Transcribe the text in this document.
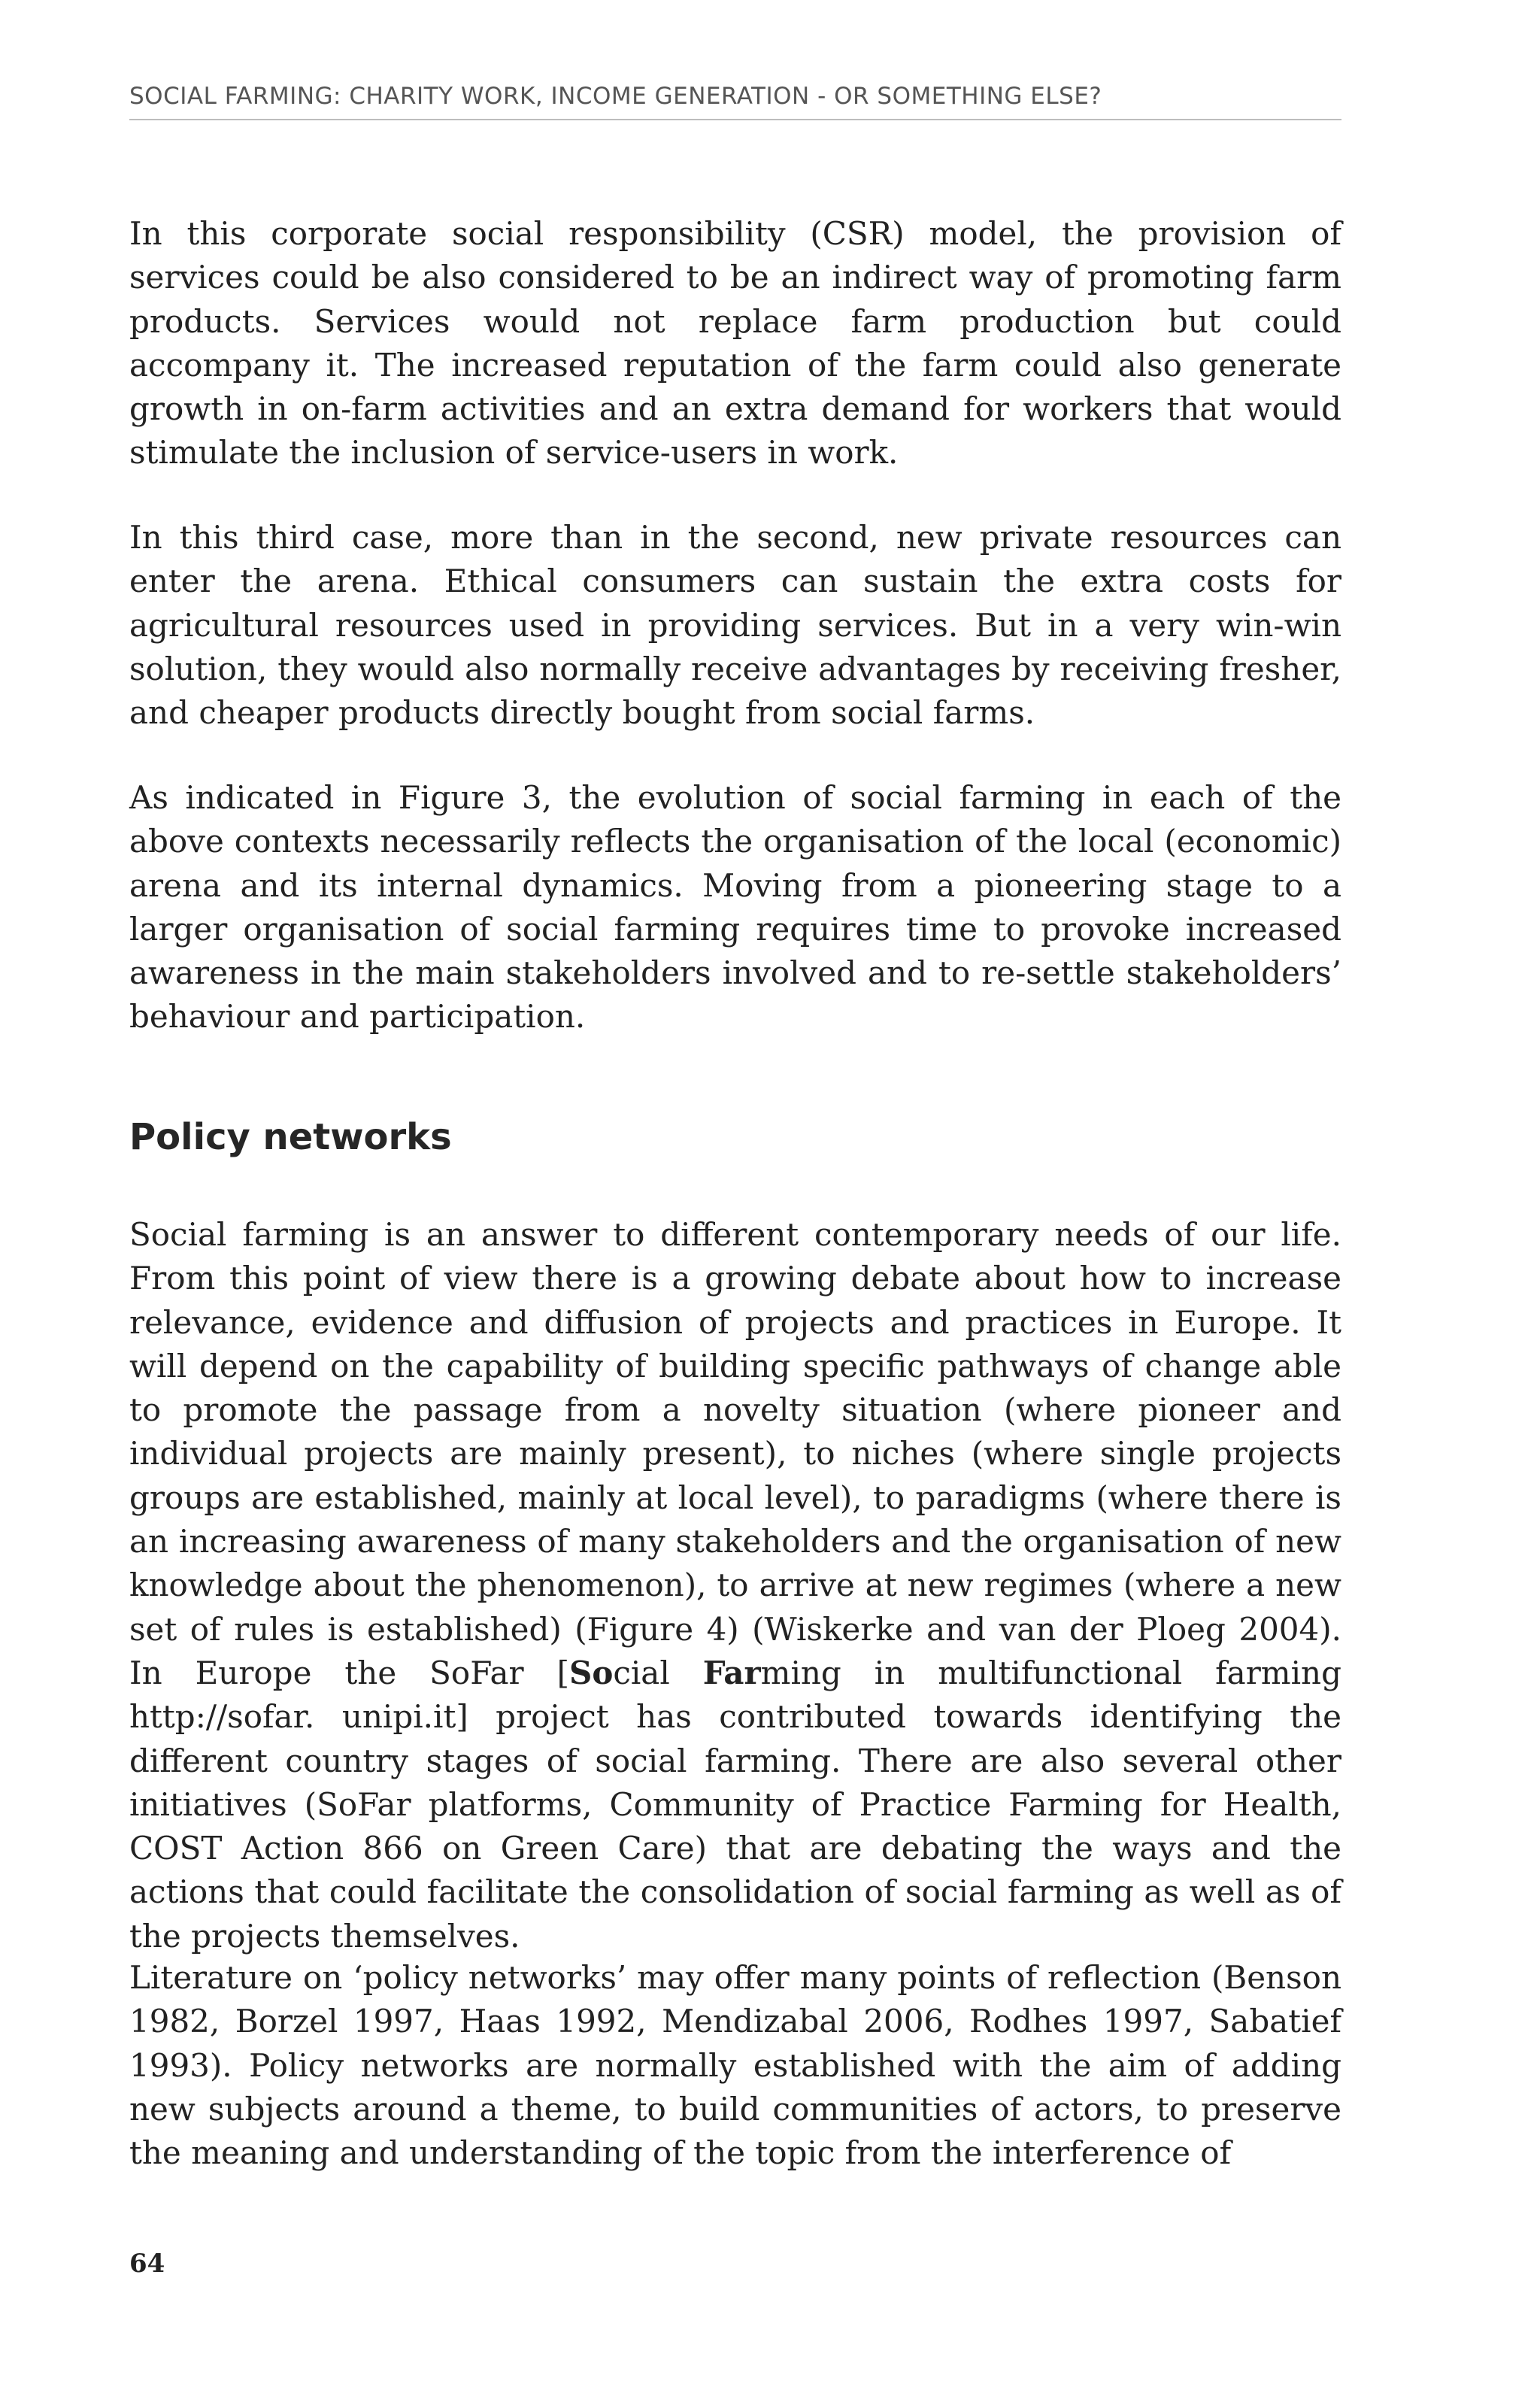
SOCIAL FARMING: CHARITY WORK, INCOME GENERATION - OR SOMETHING ELSE?

In this corporate social responsibility (CSR) model, the provision of services could be also considered to be an indirect way of promoting farm products. Services would not replace farm production but could accompany it. The increased reputation of the farm could also generate growth in on-farm activities and an extra demand for workers that would stimulate the inclusion of service-users in work.

In this third case, more than in the second, new private resources can enter the arena. Ethical consumers can sustain the extra costs for agricultural resources used in providing services. But in a very win-win solution, they would also normally receive advantages by receiving fresher, and cheaper products directly bought from social farms.

As indicated in Figure 3, the evolution of social farming in each of the above contexts necessarily reflects the organisation of the local (economic) arena and its internal dynamics. Moving from a pioneering stage to a larger organisation of social farming requires time to provoke increased awareness in the main stakeholders involved and to re-settle stakeholders’ behaviour and participation.

Policy networks

Social farming is an answer to different contemporary needs of our life. From this point of view there is a growing debate about how to increase relevance, evidence and diffusion of projects and practices in Europe. It will depend on the capability of building specific pathways of change able to promote the passage from a novelty situation (where pioneer and individual projects are mainly present), to niches (where single projects groups are established, mainly at local level), to paradigms (where there is an increasing awareness of many stakeholders and the organisation of new knowledge about the phenomenon), to arrive at new regimes (where a new set of rules is established) (Figure 4) (Wiskerke and van der Ploeg 2004). In Europe the SoFar [Social Farming in multifunctional farming http://sofar. unipi.it] project has contributed towards identifying the different country stages of social farming. There are also several other initiatives (SoFar platforms, Community of Practice Farming for Health, COST Action 866 on Green Care) that are debating the ways and the actions that could facilitate the consolidation of social farming as well as of the projects themselves.

Literature on ‘policy networks’ may offer many points of reflection (Benson 1982, Borzel 1997, Haas 1992, Mendizabal 2006, Rodhes 1997, Sabatief 1993). Policy networks are normally established with the aim of adding new subjects around a theme, to build communities of actors, to preserve the meaning and understanding of the topic from the interference of

64
